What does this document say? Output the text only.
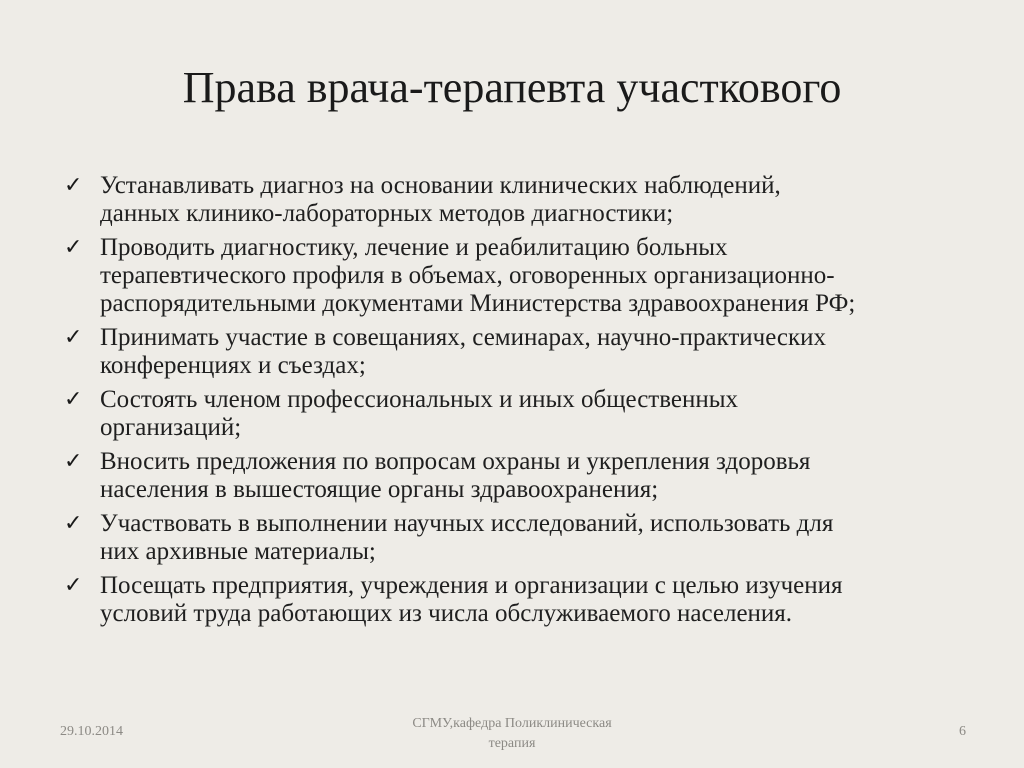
Права врача-терапевта участкового
✓ Устанавливать диагноз на основании клинических наблюдений,
данных клинико-лабораторных методов диагностики;
✓ Проводить диагностику, лечение и реабилитацию больных
терапевтического профиля в объемах, оговоренных организационно-
распорядительными документами Министерства здравоохранения РФ;
✓ Принимать участие в совещаниях, семинарах, научно-практических
конференциях и съездах;
✓ Состоять членом профессиональных и иных общественных
организаций;
✓ Вносить предложения по вопросам охраны и укрепления здоровья
населения в вышестоящие органы здравоохранения;
✓ Участвовать в выполнении научных исследований, использовать для
них архивные материалы;
✓ Посещать предприятия, учреждения и организации с целью изучения
условий труда работающих из числа обслуживаемого населения.
29.10.2014
СГМУ,кафедра Поликлиническая
терапия
6
